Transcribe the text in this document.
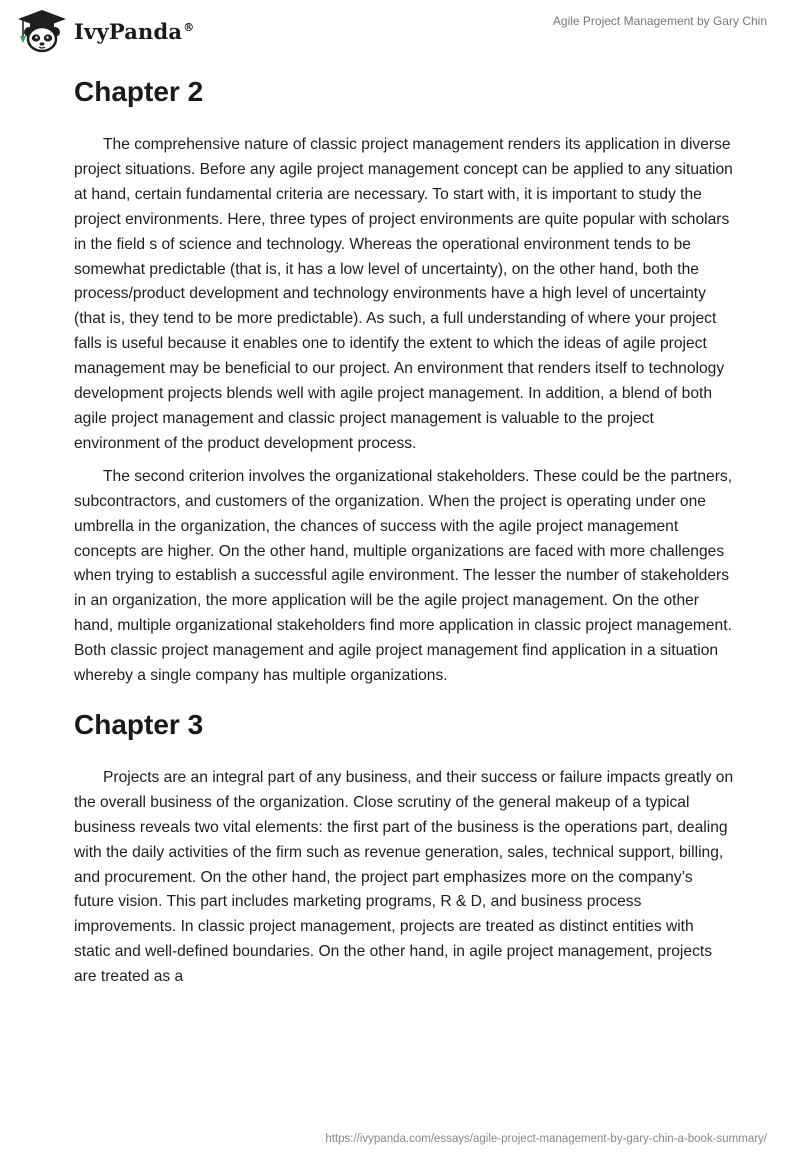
IvyPanda®	Agile Project Management by Gary Chin
Chapter 2

The comprehensive nature of classic project management renders its application in diverse project situations. Before any agile project management concept can be applied to any situation at hand, certain fundamental criteria are necessary. To start with, it is important to study the project environments. Here, three types of project environments are quite popular with scholars in the field s of science and technology. Whereas the operational environment tends to be somewhat predictable (that is, it has a low level of uncertainty), on the other hand, both the process/product development and technology environments have a high level of uncertainty (that is, they tend to be more predictable). As such, a full understanding of where your project falls is useful because it enables one to identify the extent to which the ideas of agile project management may be beneficial to our project. An environment that renders itself to technology development projects blends well with agile project management. In addition, a blend of both agile project management and classic project management is valuable to the project environment of the product development process.

The second criterion involves the organizational stakeholders. These could be the partners, subcontractors, and customers of the organization. When the project is operating under one umbrella in the organization, the chances of success with the agile project management concepts are higher. On the other hand, multiple organizations are faced with more challenges when trying to establish a successful agile environment. The lesser the number of stakeholders in an organization, the more application will be the agile project management. On the other hand, multiple organizational stakeholders find more application in classic project management. Both classic project management and agile project management find application in a situation whereby a single company has multiple organizations.

Chapter 3

Projects are an integral part of any business, and their success or failure impacts greatly on the overall business of the organization. Close scrutiny of the general makeup of a typical business reveals two vital elements: the first part of the business is the operations part, dealing with the daily activities of the firm such as revenue generation, sales, technical support, billing, and procurement. On the other hand, the project part emphasizes more on the company’s future vision. This part includes marketing programs, R & D, and business process improvements. In classic project management, projects are treated as distinct entities with static and well-defined boundaries. On the other hand, in agile project management, projects are treated as a

https://ivypanda.com/essays/agile-project-management-by-gary-chin-a-book-summary/
